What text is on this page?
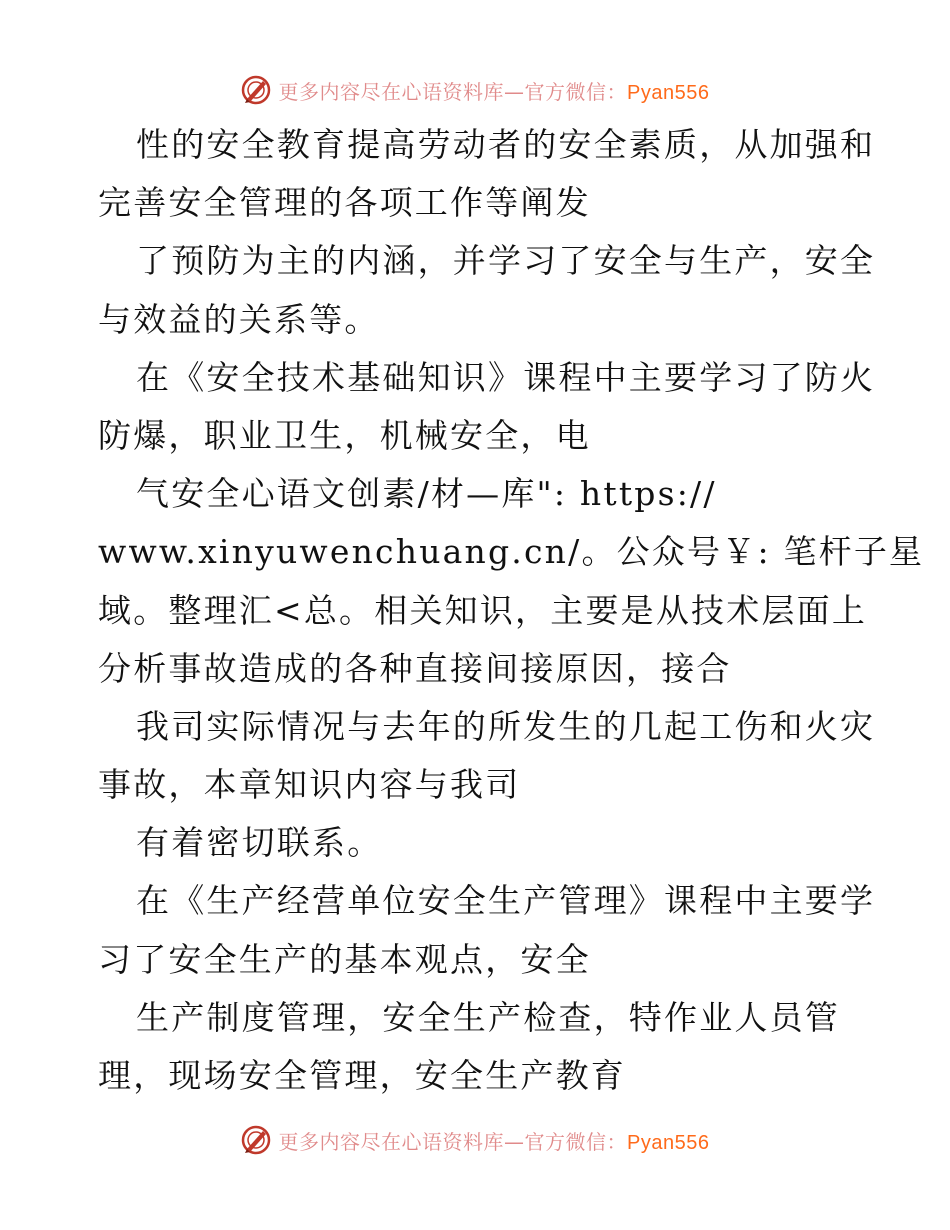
更多内容尽在心语资料库—官方微信：Pyan556
性的安全教育提高劳动者的安全素质，从加强和
完善安全管理的各项工作等阐发
了预防为主的内涵，并学习了安全与生产，安全
与效益的关系等。
在《安全技术基础知识》课程中主要学习了防火
防爆，职业卫生，机械安全，电
气安全心语文创素/材—库": https://
www.xinyuwenchuang.cn/。公众号￥: 笔杆子星
域。整理汇<总。相关知识，主要是从技术层面上
分析事故造成的各种直接间接原因，接合
我司实际情况与去年的所发生的几起工伤和火灾
事故，本章知识内容与我司
有着密切联系。
在《生产经营单位安全生产管理》课程中主要学
习了安全生产的基本观点，安全
生产制度管理，安全生产检查，特作业人员管
理，现场安全管理，安全生产教育
更多内容尽在心语资料库—官方微信：Pyan556
